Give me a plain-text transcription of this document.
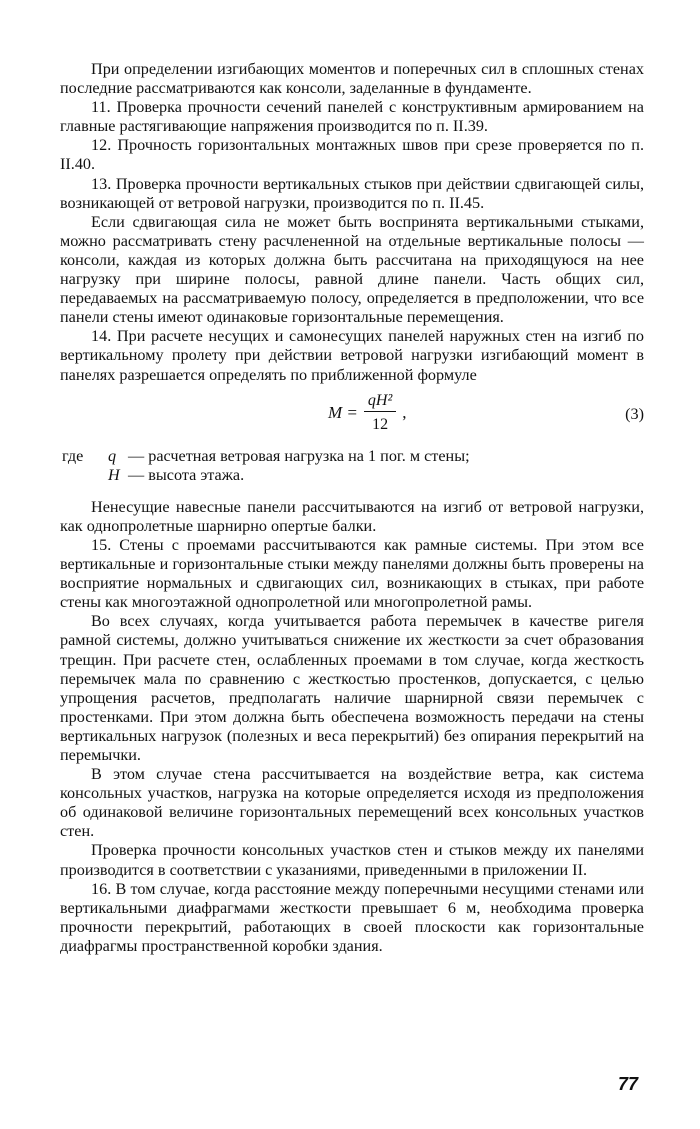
При определении изгибающих моментов и поперечных сил в сплошных стенах последние рассматриваются как консоли, заделанные в фундаменте.

11. Проверка прочности сечений панелей с конструктивным армированием на главные растягивающие напряжения производится по п. II.39.

12. Прочность горизонтальных монтажных швов при срезе проверяется по п. II.40.

13. Проверка прочности вертикальных стыков при действии сдвигающей силы, возникающей от ветровой нагрузки, производится по п. II.45.

Если сдвигающая сила не может быть воспринята вертикальными стыками, можно рассматривать стену расчлененной на отдельные вертикальные полосы — консоли, каждая из которых должна быть рассчитана на приходящуюся на нее нагрузку при ширине полосы, равной длине панели. Часть общих сил, передаваемых на рассматриваемую полосу, определяется в предположении, что все панели стены имеют одинаковые горизонтальные перемещения.

14. При расчете несущих и самонесущих панелей наружных стен на изгиб по вертикальному пролету при действии ветровой нагрузки изгибающий момент в панелях разрешается определять по приближенной формуле

$M = \frac{\text{qH²}}{12}$ ,	(3)
где	q — расчетная ветровая нагрузка на 1 пог. м стены;
H — высота этажа.

Ненесущие навесные панели рассчитываются на изгиб от ветровой нагрузки, как однопролетные шарнирно опертые балки.

15. Стены с проемами рассчитываются как рамные системы. При этом все вертикальные и горизонтальные стыки между панелями должны быть проверены на восприятие нормальных и сдвигающих сил, возникающих в стыках, при работе стены как многоэтажной однопролетной или многопролетной рамы.

Во всех случаях, когда учитывается работа перемычек в качестве ригеля рамной системы, должно учитываться снижение их жесткости за счет образования трещин. При расчете стен, ослабленных проемами в том случае, когда жесткость перемычек мала по сравнению с жесткостью простенков, допускается, с целью упрощения расчетов, предполагать наличие шарнирной связи перемычек с простенками. При этом должна быть обеспечена возможность передачи на стены вертикальных нагрузок (полезных и веса перекрытий) без опирания перекрытий на перемычки.

В этом случае стена рассчитывается на воздействие ветра, как система консольных участков, нагрузка на которые определяется исходя из предположения об одинаковой величине горизонтальных перемещений всех консольных участков стен.

Проверка прочности консольных участков стен и стыков между их панелями производится в соответствии с указаниями, приведенными в приложении II.

16. В том случае, когда расстояние между поперечными несущими стенами или вертикальными диафрагмами жесткости превышает 6 м, необходима проверка прочности перекрытий, работающих в своей плоскости как горизонтальные диафрагмы пространственной коробки здания.

77
